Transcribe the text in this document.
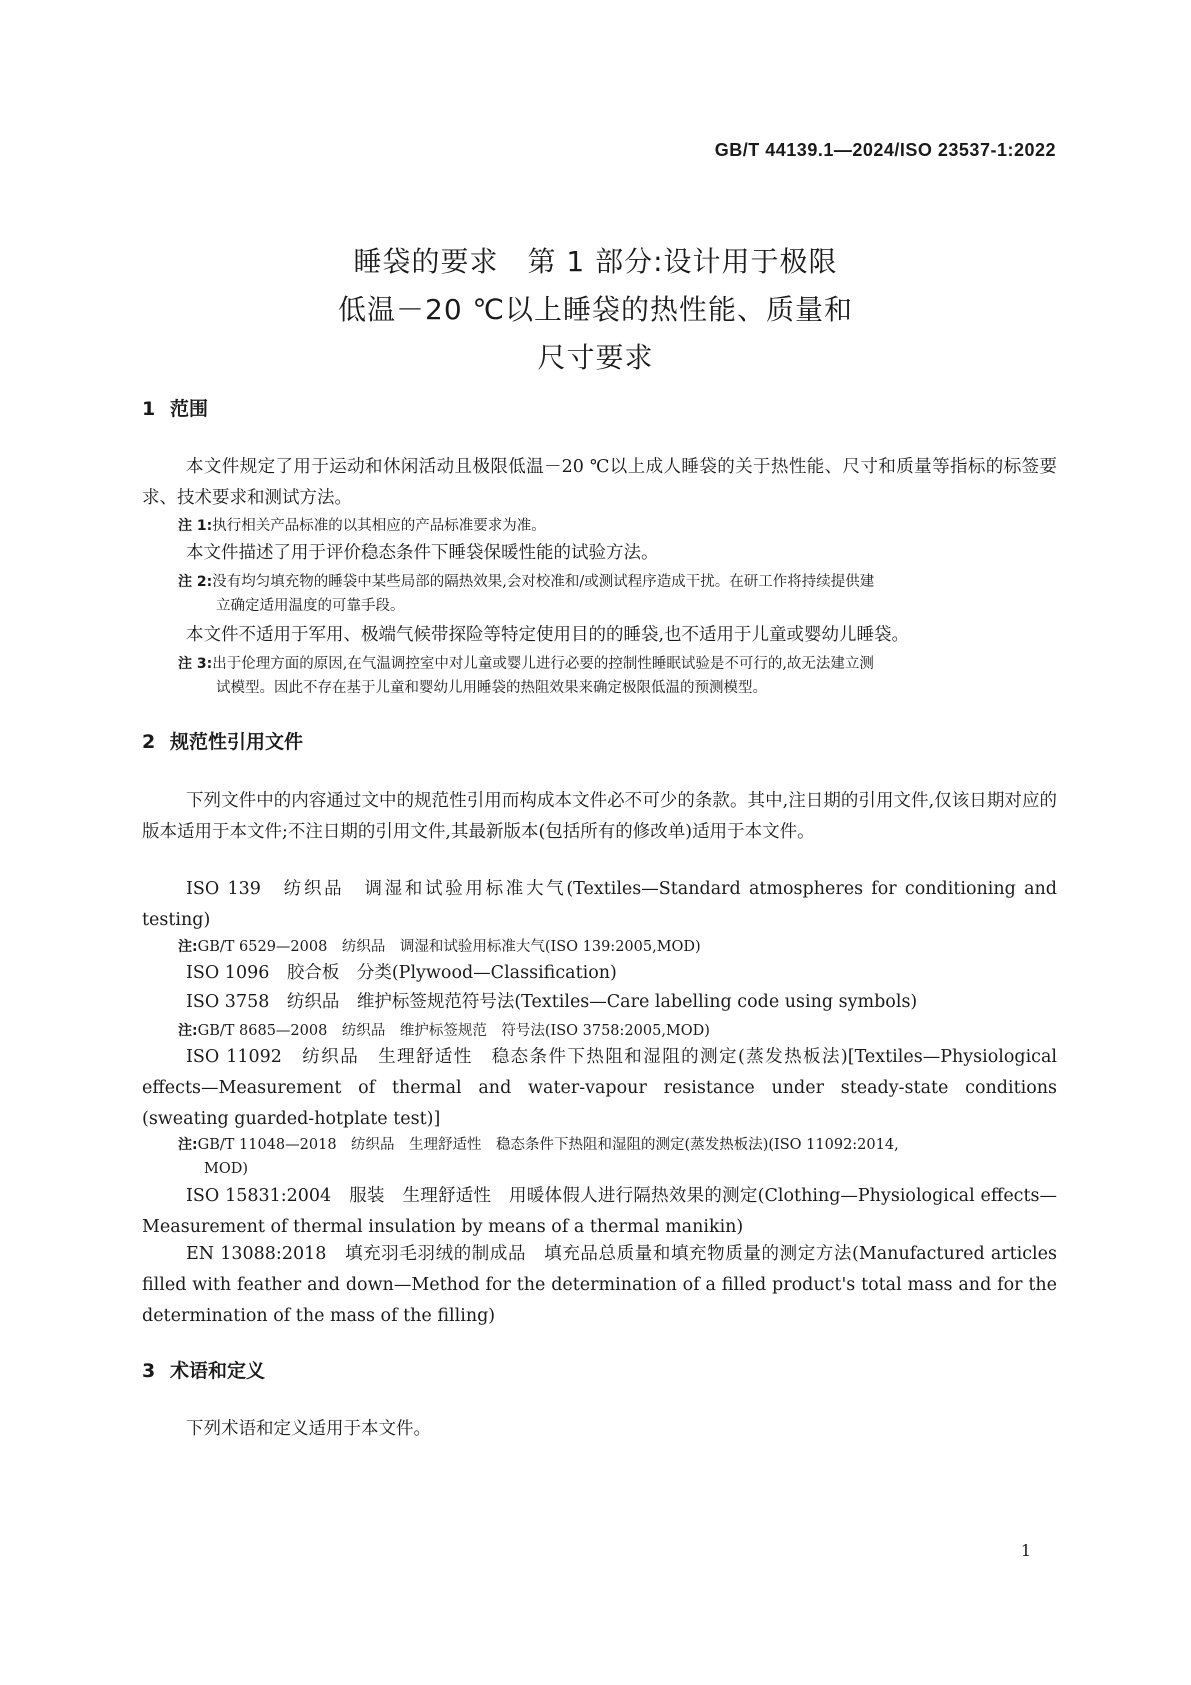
GB/T 44139.1—2024/ISO 23537-1:2022
睡袋的要求　第 1 部分:设计用于极限
低温－20 ℃以上睡袋的热性能、质量和
尺寸要求
1 范围
本文件规定了用于运动和休闲活动且极限低温－20 ℃以上成人睡袋的关于热性能、尺寸和质量等指标的标签要求、技术要求和测试方法。
注 1:执行相关产品标准的以其相应的产品标准要求为准。
本文件描述了用于评价稳态条件下睡袋保暖性能的试验方法。
注 2:没有均匀填充物的睡袋中某些局部的隔热效果,会对校准和/或测试程序造成干扰。在研工作将持续提供建
立确定适用温度的可靠手段。
本文件不适用于军用、极端气候带探险等特定使用目的的睡袋,也不适用于儿童或婴幼儿睡袋。
注 3:出于伦理方面的原因,在气温调控室中对儿童或婴儿进行必要的控制性睡眠试验是不可行的,故无法建立测
试模型。因此不存在基于儿童和婴幼儿用睡袋的热阻效果来确定极限低温的预测模型。
2 规范性引用文件
下列文件中的内容通过文中的规范性引用而构成本文件必不可少的条款。其中,注日期的引用文件,仅该日期对应的版本适用于本文件;不注日期的引用文件,其最新版本(包括所有的修改单)适用于本文件。
ISO 139　纺织品　调湿和试验用标准大气(Textiles—Standard atmospheres for conditioning and testing)
注:GB/T 6529—2008　纺织品　调湿和试验用标准大气(ISO 139:2005,MOD)
ISO 1096　胶合板　分类(Plywood—Classification)
ISO 3758　纺织品　维护标签规范符号法(Textiles—Care labelling code using symbols)
注:GB/T 8685—2008　纺织品　维护标签规范　符号法(ISO 3758:2005,MOD)
ISO 11092　纺织品　生理舒适性　稳态条件下热阻和湿阻的测定(蒸发热板法)[Textiles—Physiological effects—Measurement of thermal and water-vapour resistance under steady-state conditions (sweating guarded-hotplate test)]
注:GB/T 11048—2018　纺织品　生理舒适性　稳态条件下热阻和湿阻的测定(蒸发热板法)(ISO 11092:2014,
MOD)
ISO 15831:2004　服装　生理舒适性　用暖体假人进行隔热效果的测定(Clothing—Physiological effects—Measurement of thermal insulation by means of a thermal manikin)
EN 13088:2018　填充羽毛羽绒的制成品　填充品总质量和填充物质量的测定方法(Manufactured articles filled with feather and down—Method for the determination of a filled product's total mass and for the determination of the mass of the filling)
3 术语和定义
下列术语和定义适用于本文件。
1
